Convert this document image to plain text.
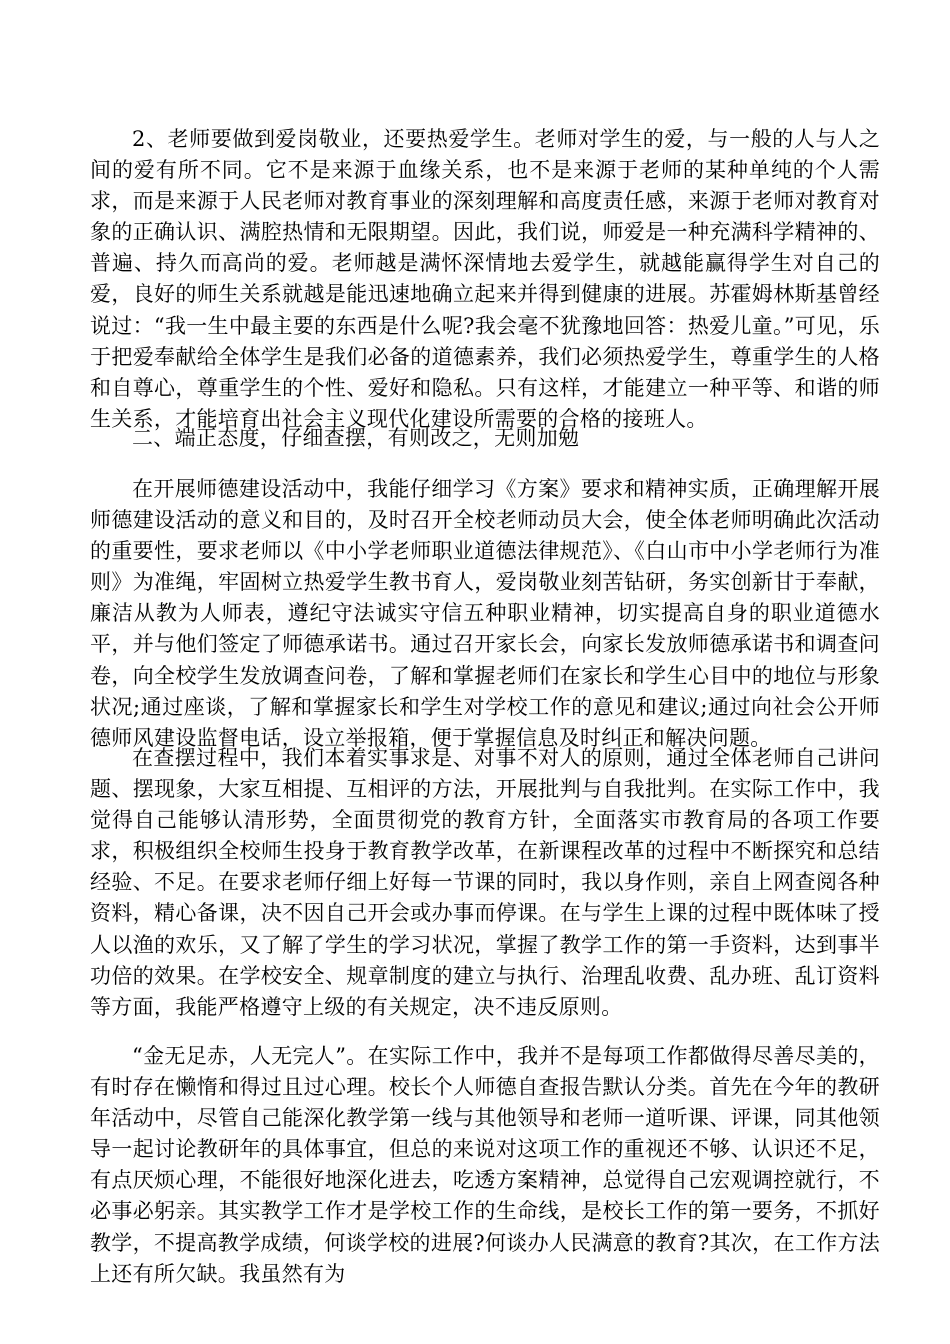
2、老师要做到爱岗敬业，还要热爱学生。老师对学生的爱，与一般的人与人之间的爱有所不同。它不是来源于血缘关系，也不是来源于老师的某种单纯的个人需求，而是来源于人民老师对教育事业的深刻理解和高度责任感，来源于老师对教育对象的正确认识、满腔热情和无限期望。因此，我们说，师爱是一种充满科学精神的、普遍、持久而高尚的爱。老师越是满怀深情地去爱学生，就越能赢得学生对自己的爱，良好的师生关系就越是能迅速地确立起来并得到健康的进展。苏霍姆林斯基曾经说过：“我一生中最主要的东西是什么呢?我会毫不犹豫地回答：热爱儿童。”可见，乐于把爱奉献给全体学生是我们必备的道德素养，我们必须热爱学生，尊重学生的人格和自尊心，尊重学生的个性、爱好和隐私。只有这样，才能建立一种平等、和谐的师生关系，才能培育出社会主义现代化建设所需要的合格的接班人。

二、端正态度，仔细查摆，有则改之，无则加勉

在开展师德建设活动中，我能仔细学习《方案》要求和精神实质，正确理解开展师德建设活动的意义和目的，及时召开全校老师动员大会，使全体老师明确此次活动的重要性，要求老师以《中小学老师职业道德法律规范》、《白山市中小学老师行为准则》为准绳，牢固树立热爱学生教书育人，爱岗敬业刻苦钻研，务实创新甘于奉献，廉洁从教为人师表，遵纪守法诚实守信五种职业精神，切实提高自身的职业道德水平，并与他们签定了师德承诺书。通过召开家长会，向家长发放师德承诺书和调查问卷，向全校学生发放调查问卷，了解和掌握老师们在家长和学生心目中的地位与形象状况;通过座谈，了解和掌握家长和学生对学校工作的意见和建议;通过向社会公开师德师风建设监督电话，设立举报箱，便于掌握信息及时纠正和解决问题。

在查摆过程中，我们本着实事求是、对事不对人的原则，通过全体老师自己讲问题、摆现象，大家互相提、互相评的方法，开展批判与自我批判。在实际工作中，我觉得自己能够认清形势，全面贯彻党的教育方针，全面落实市教育局的各项工作要求，积极组织全校师生投身于教育教学改革，在新课程改革的过程中不断探究和总结经验、不足。在要求老师仔细上好每一节课的同时，我以身作则，亲自上网查阅各种资料，精心备课，决不因自己开会或办事而停课。在与学生上课的过程中既体味了授人以渔的欢乐，又了解了学生的学习状况，掌握了教学工作的第一手资料，达到事半功倍的效果。在学校安全、规章制度的建立与执行、治理乱收费、乱办班、乱订资料等方面，我能严格遵守上级的有关规定，决不违反原则。

“金无足赤，人无完人”。在实际工作中，我并不是每项工作都做得尽善尽美的，有时存在懒惰和得过且过心理。校长个人师德自查报告默认分类。首先在今年的教研年活动中，尽管自己能深化教学第一线与其他领导和老师一道听课、评课，同其他领导一起讨论教研年的具体事宜，但总的来说对这项工作的重视还不够、认识还不足，有点厌烦心理，不能很好地深化进去，吃透方案精神，总觉得自己宏观调控就行，不必事必躬亲。其实教学工作才是学校工作的生命线，是校长工作的第一要务，不抓好教学，不提高教学成绩，何谈学校的进展?何谈办人民满意的教育?其次，在工作方法上还有所欠缺。我虽然有为
